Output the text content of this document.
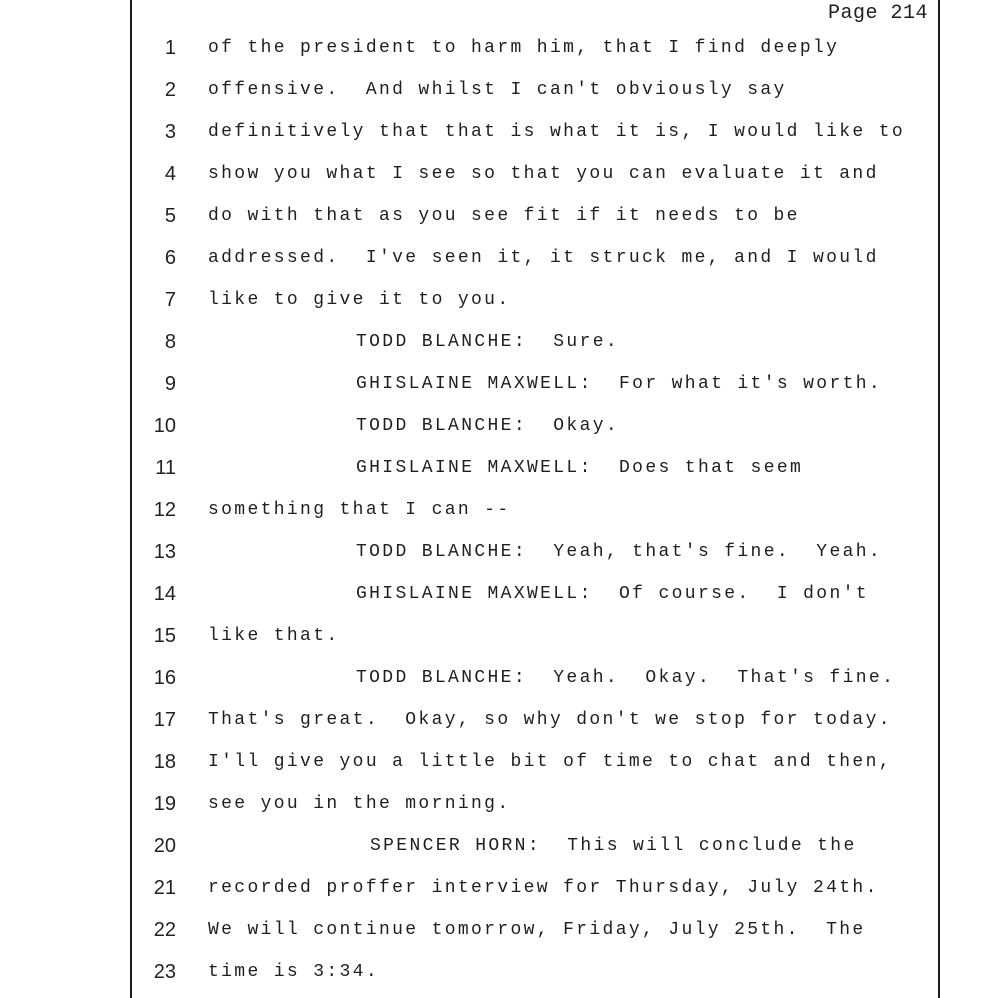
Page 214
1 of the president to harm him, that I find deeply
2 offensive.  And whilst I can't obviously say
3 definitively that that is what it is, I would like to
4 show you what I see so that you can evaluate it and
5 do with that as you see fit if it needs to be
6 addressed.  I've seen it, it struck me, and I would
7 like to give it to you.
8	TODD BLANCHE:  Sure.
9	GHISLAINE MAXWELL:  For what it's worth.
10	TODD BLANCHE:  Okay.
11	GHISLAINE MAXWELL:  Does that seem
12 something that I can --
13	TODD BLANCHE:  Yeah, that's fine.  Yeah.
14	GHISLAINE MAXWELL:  Of course.  I don't
15 like that.
16	TODD BLANCHE:  Yeah.  Okay.  That's fine.
17 That's great.  Okay, so why don't we stop for today.
18 I'll give you a little bit of time to chat and then,
19 see you in the morning.
20	SPENCER HORN:  This will conclude the
21 recorded proffer interview for Thursday, July 24th.
22 We will continue tomorrow, Friday, July 25th.  The
23 time is 3:34.
